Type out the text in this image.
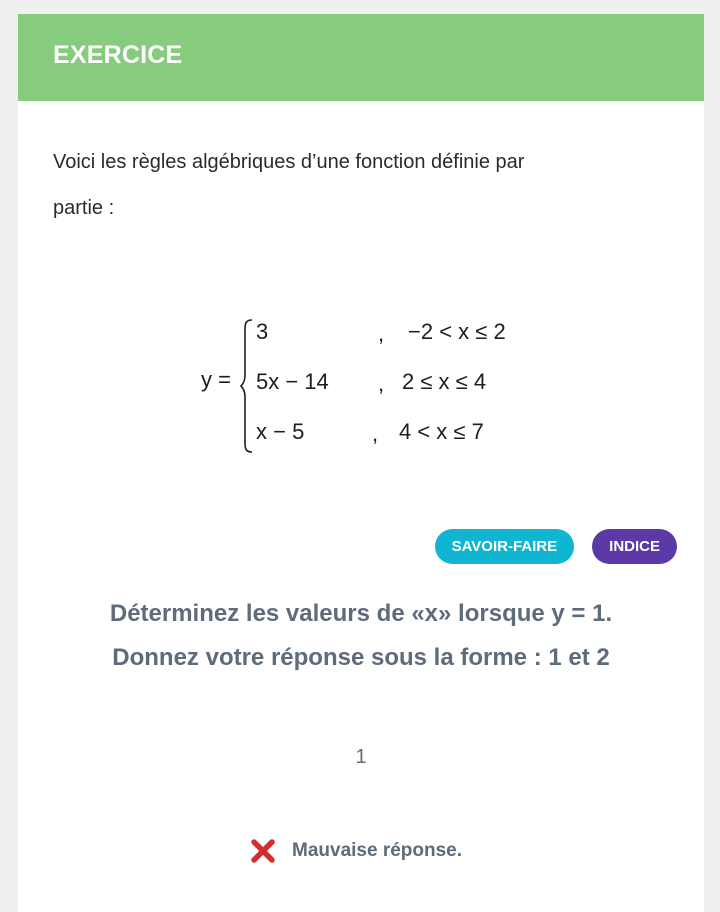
EXERCICE
Voici les règles algébriques d’une fonction définie par
partie :
y =
3	, −2 < x ≤ 2
5x − 14 , 2 ≤ x ≤ 4
x − 5	, 4 < x ≤ 7
SAVOIR-FAIRE	INDICE
Déterminez les valeurs de «x» lorsque y = 1.
Donnez votre réponse sous la forme : 1 et 2
1
Mauvaise réponse.
